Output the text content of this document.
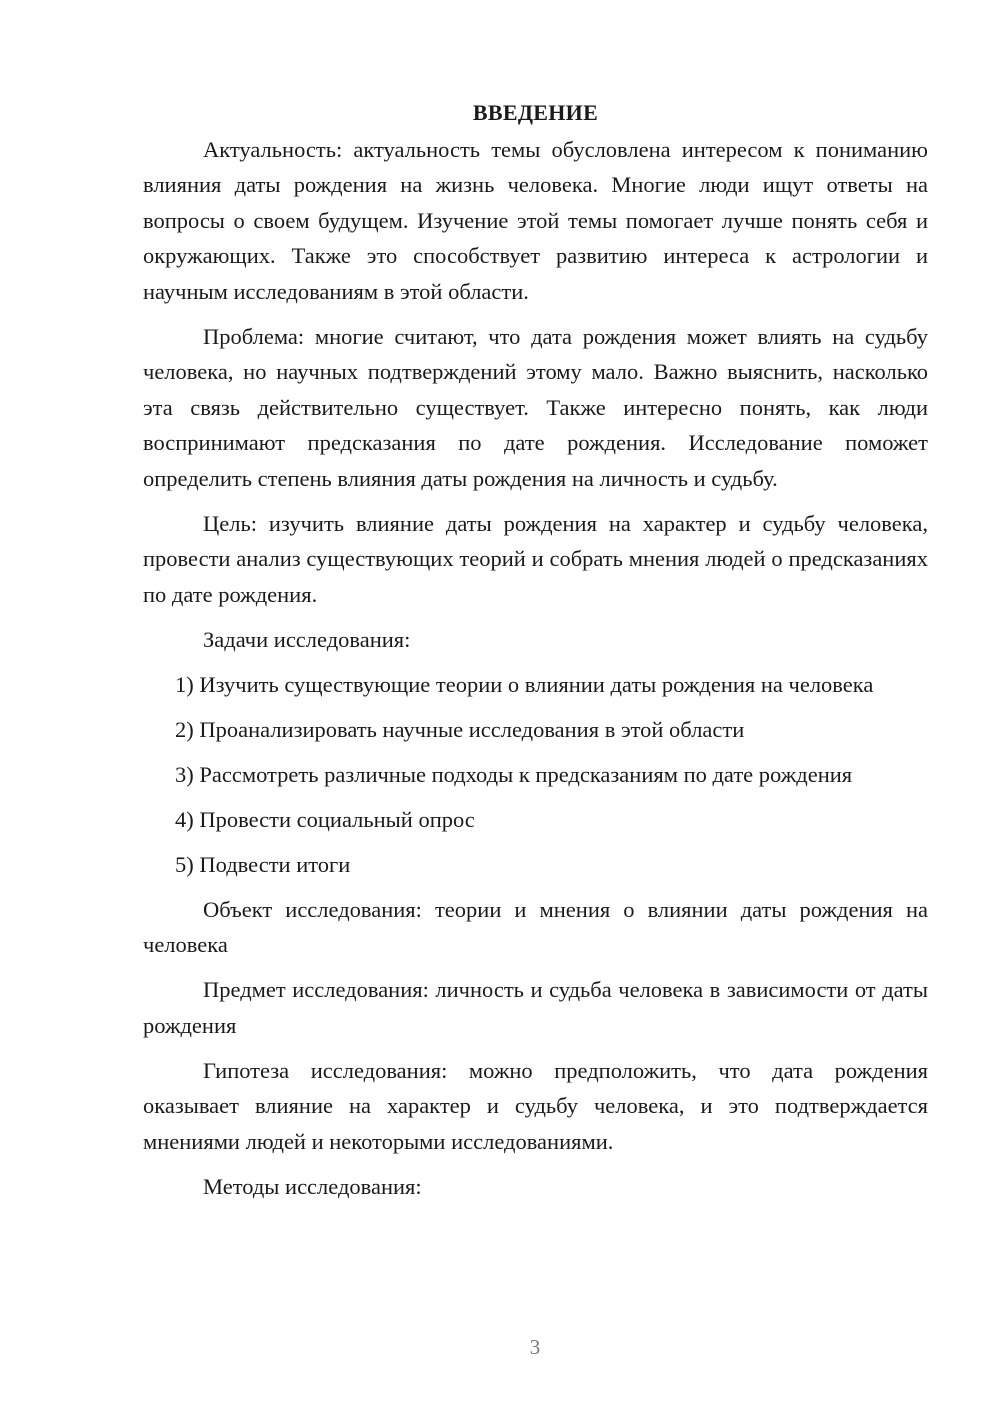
ВВЕДЕНИЕ

Актуальность: актуальность темы обусловлена интересом к пониманию влияния даты рождения на жизнь человека. Многие люди ищут ответы на вопросы о своем будущем. Изучение этой темы помогает лучше понять себя и окружающих. Также это способствует развитию интереса к астрологии и научным исследованиям в этой области.

Проблема: многие считают, что дата рождения может влиять на судьбу человека, но научных подтверждений этому мало. Важно выяснить, насколько эта связь действительно существует. Также интересно понять, как люди воспринимают предсказания по дате рождения. Исследование поможет определить степень влияния даты рождения на личность и судьбу.

Цель: изучить влияние даты рождения на характер и судьбу человека, провести анализ существующих теорий и собрать мнения людей о предсказаниях по дате рождения.

Задачи исследования:

1) Изучить существующие теории о влиянии даты рождения на человека

2) Проанализировать научные исследования в этой области

3) Рассмотреть различные подходы к предсказаниям по дате рождения

4) Провести социальный опрос

5) Подвести итоги

Объект исследования: теории и мнения о влиянии даты рождения на человека

Предмет исследования: личность и судьба человека в зависимости от даты рождения

Гипотеза исследования: можно предположить, что дата рождения оказывает влияние на характер и судьбу человека, и это подтверждается мнениями людей и некоторыми исследованиями.

Методы исследования:

3
